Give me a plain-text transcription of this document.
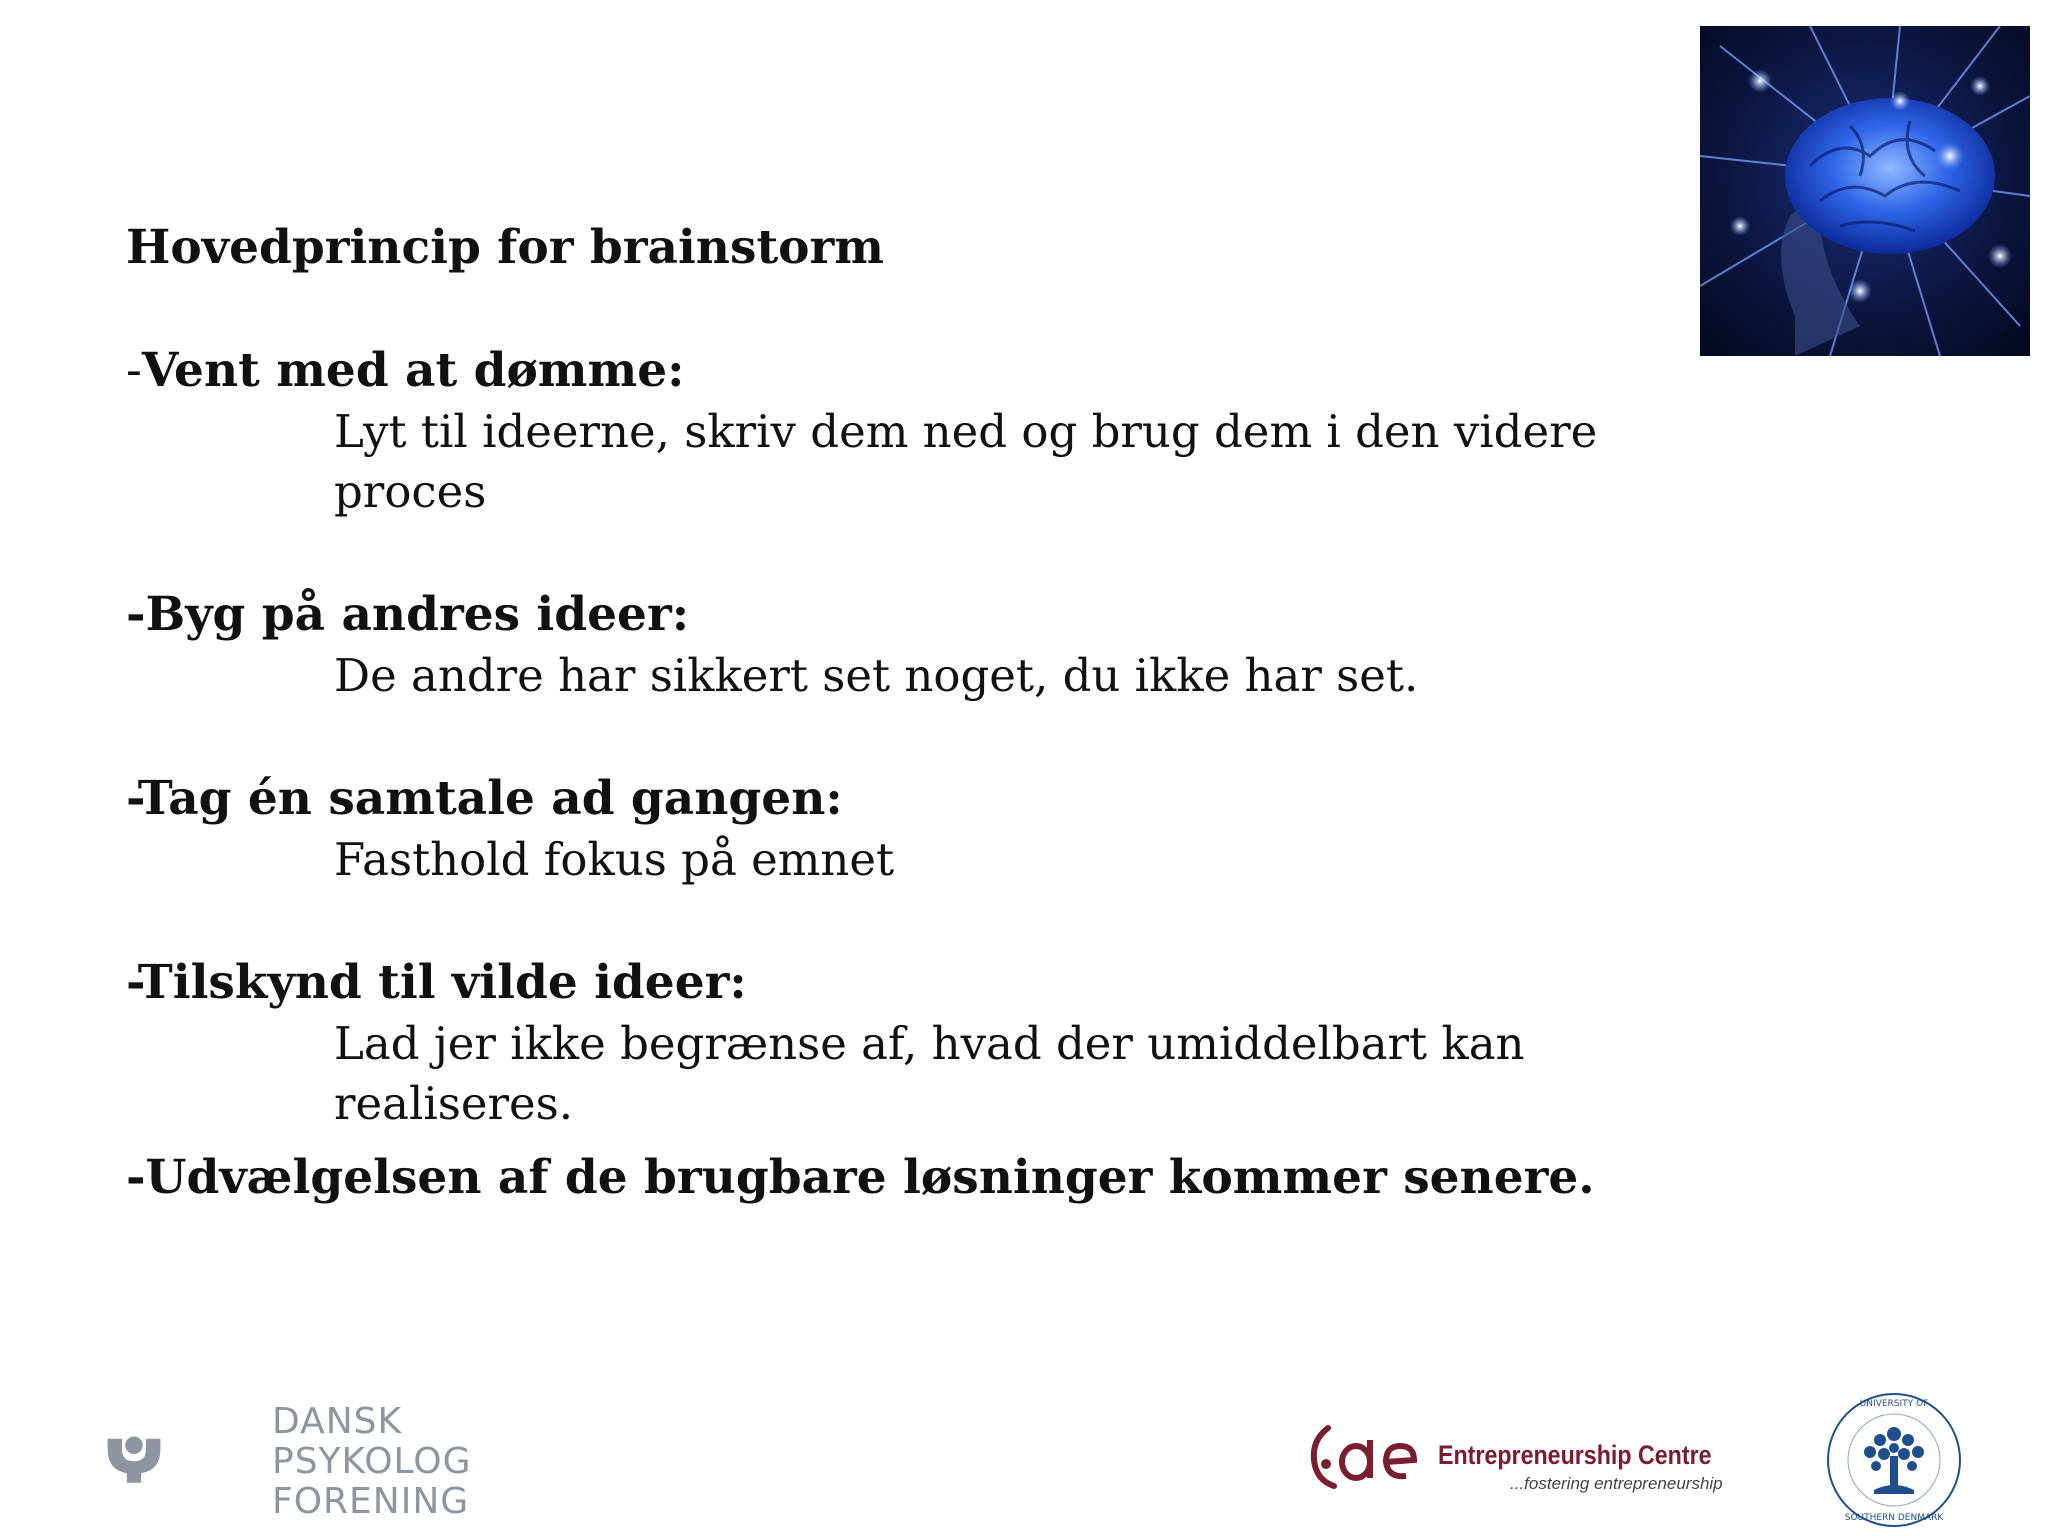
Hovedprincip for brainstorm

-Vent med at dømme:
Lyt til ideerne, skriv dem ned og brug dem i den videre proces
-Byg på andres ideer:
De andre har sikkert set noget, du ikke har set.
-Tag én samtale ad gangen:
Fasthold fokus på emnet
-Tilskynd til vilde ideer:
Lad jer ikke begrænse af, hvad der umiddelbart kan realiseres.
-Udvælgelsen af de brugbare løsninger kommer senere.
DANSK
PSYKOLOG
FORENING
Entrepreneurship Centre
...fostering entrepreneurship
UNIVERSITY OF
SOUTHERN DENMARK
